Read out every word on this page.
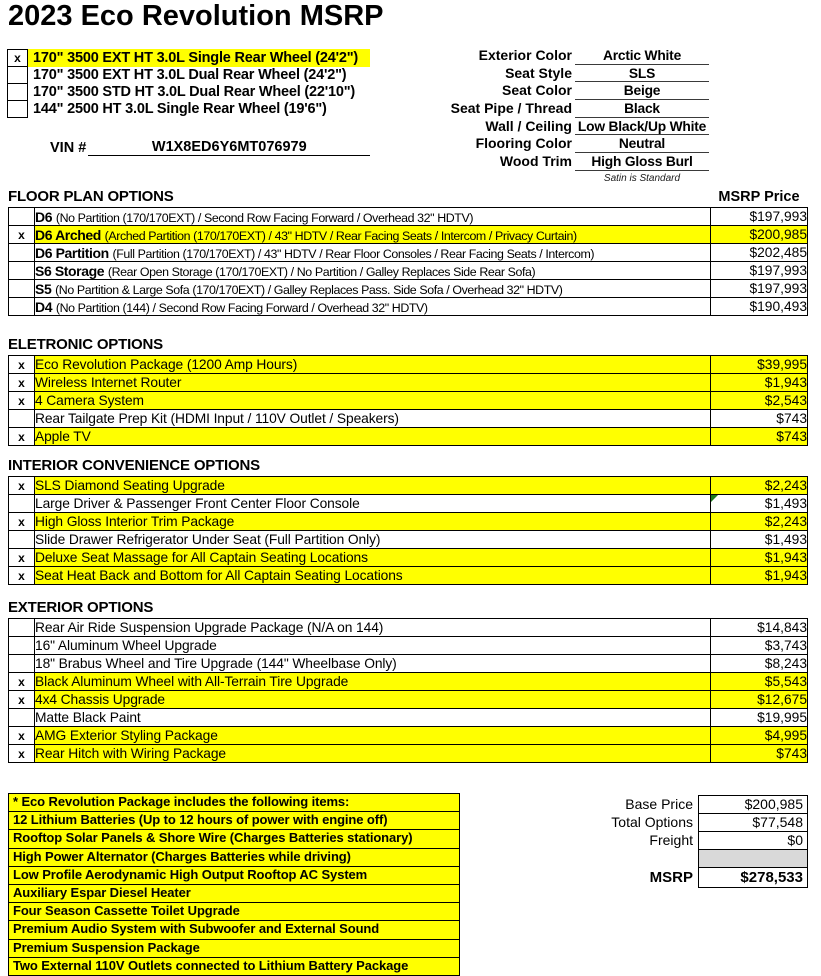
2023 Eco Revolution MSRP
x 170" 3500 EXT HT 3.0L Single Rear Wheel (24'2")
170" 3500 EXT HT 3.0L Dual Rear Wheel (24'2")
170" 3500 STD HT 3.0L Dual Rear Wheel (22'10")
144" 2500 HT 3.0L Single Rear Wheel (19'6")
VIN #	W1X8ED6Y6MT076979
Exterior Color	Arctic White
Seat Style	SLS
Seat Color	Beige
Seat Pipe / Thread	Black
Wall / Ceiling Low Black/Up White
Flooring Color	Neutral
Wood Trim	High Gloss Burl
Satin is Standard
FLOOR PLAN OPTIONS	MSRP Price
	D6 (No Partition (170/170EXT) / Second Row Facing Forward / Overhead 32" HDTV)	$197,993
x	D6 Arched (Arched Partition (170/170EXT) / 43" HDTV / Rear Facing Seats / Intercom / Privacy Curtain)	$200,985
	D6 Partition (Full Partition (170/170EXT) / 43" HDTV / Rear Floor Consoles / Rear Facing Seats / Intercom)	$202,485
	S6 Storage (Rear Open Storage (170/170EXT) / No Partition / Galley Replaces Side Rear Sofa)	$197,993
	S5 (No Partition & Large Sofa (170/170EXT) / Galley Replaces Pass. Side Sofa / Overhead 32" HDTV)	$197,993
	D4 (No Partition (144) / Second Row Facing Forward / Overhead 32" HDTV)	$190,493
ELETRONIC OPTIONS
x	Eco Revolution Package (1200 Amp Hours)	$39,995
x	Wireless Internet Router	$1,943
x	4 Camera System	$2,543
	Rear Tailgate Prep Kit (HDMI Input / 110V Outlet / Speakers)	$743
x	Apple TV	$743
INTERIOR CONVENIENCE OPTIONS
x	SLS Diamond Seating Upgrade	$2,243
	Large Driver & Passenger Front Center Floor Console	$1,493

x	High Gloss Interior Trim Package	$2,243
	Slide Drawer Refrigerator Under Seat (Full Partition Only)	$1,493
x	Deluxe Seat Massage for All Captain Seating Locations	$1,943
x	Seat Heat Back and Bottom for All Captain Seating Locations	$1,943
EXTERIOR OPTIONS
	Rear Air Ride Suspension Upgrade Package (N/A on 144)	$14,843
	16" Aluminum Wheel Upgrade	$3,743
	18" Brabus Wheel and Tire Upgrade (144" Wheelbase Only)	$8,243
x	Black Aluminum Wheel with All-Terrain Tire Upgrade	$5,543
x	4x4 Chassis Upgrade	$12,675
	Matte Black Paint	$19,995
x	AMG Exterior Styling Package	$4,995
x	Rear Hitch with Wiring Package	$743
* Eco Revolution Package includes the following items:
12 Lithium Batteries (Up to 12 hours of power with engine off)
Rooftop Solar Panels & Shore Wire (Charges Batteries stationary)
High Power Alternator (Charges Batteries while driving)
Low Profile Aerodynamic High Output Rooftop AC System
Auxiliary Espar Diesel Heater
Four Season Cassette Toilet Upgrade
Premium Audio System with Subwoofer and External Sound
Premium Suspension Package
Two External 110V Outlets connected to Lithium Battery Package
Base Price	$200,985
Total Options	$77,548
Freight	$0
MSRP	$278,533
